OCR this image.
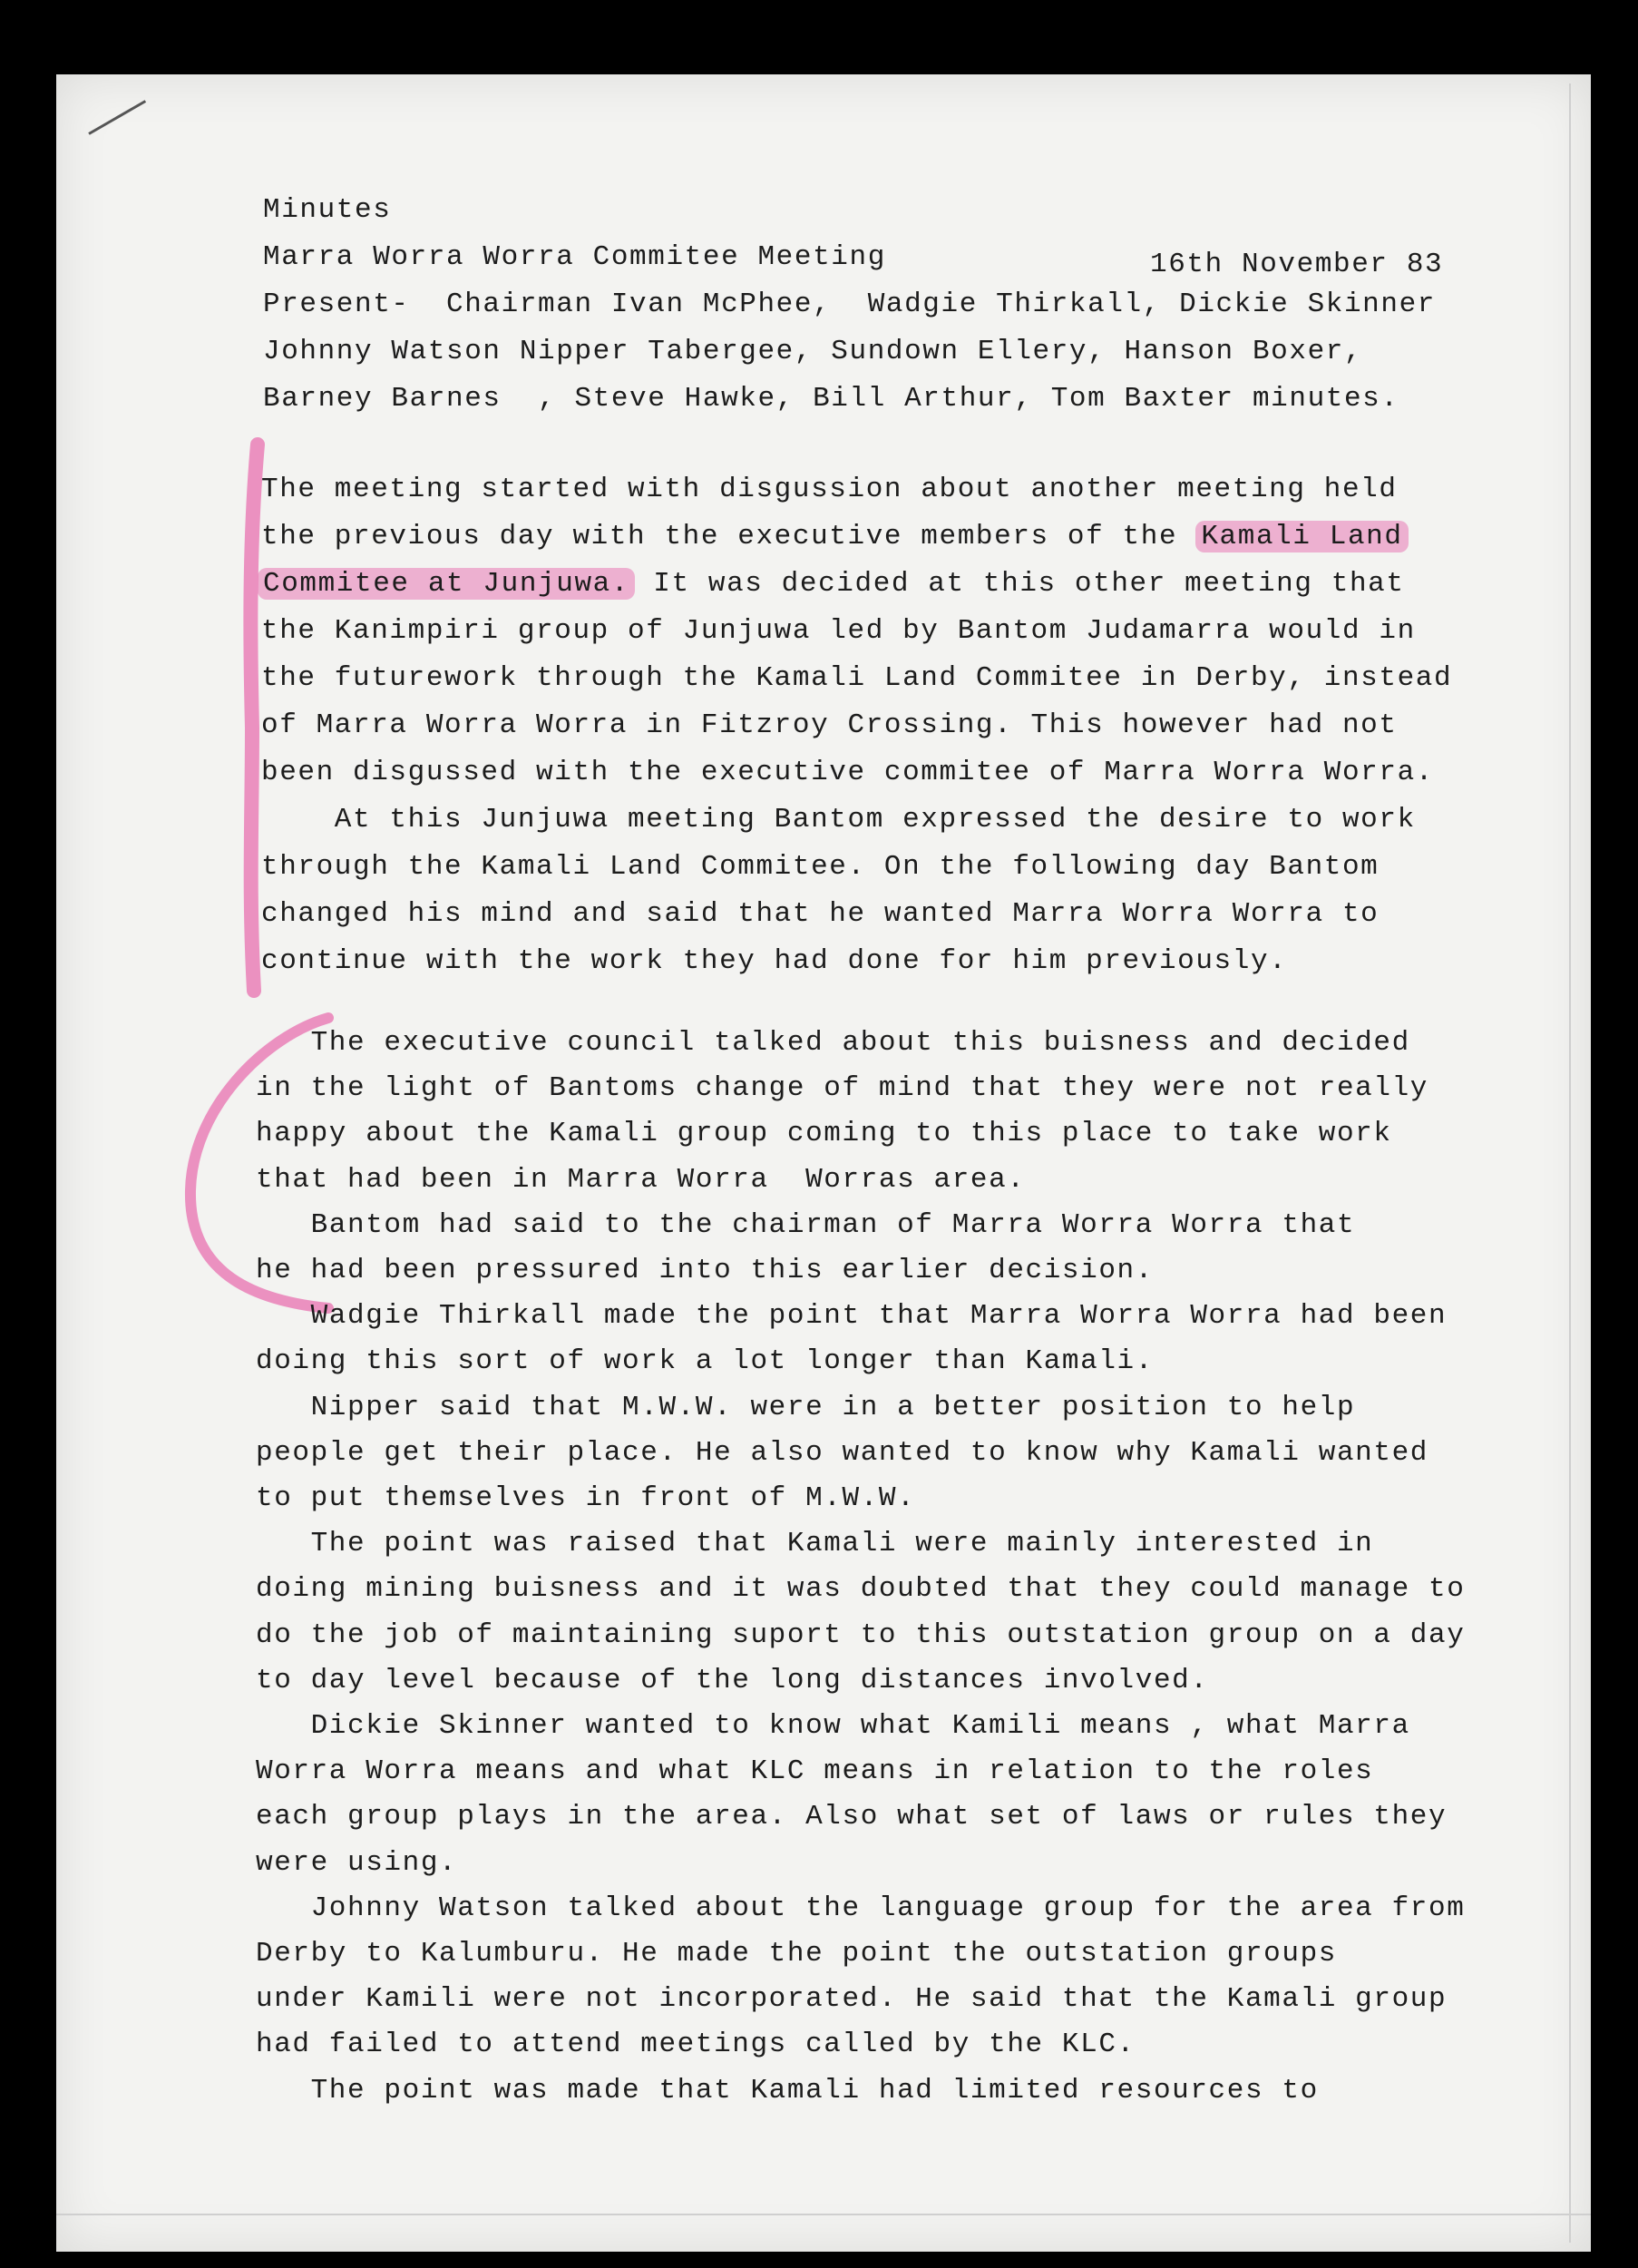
Minutes
Marra Worra Worra Commitee Meeting	16th November 83
Present-  Chairman Ivan McPhee,  Wadgie Thirkall, Dickie Skinner
Johnny Watson Nipper Tabergee, Sundown Ellery, Hanson Boxer,
Barney Barnes  , Steve Hawke, Bill Arthur, Tom Baxter minutes.
The meeting started with disgussion about another meeting held
the previous day with the executive members of the Kamali Land
Commitee at Junjuwa. It was decided at this other meeting that
the Kanimpiri group of Junjuwa led by Bantom Judamarra would in
the futurework through the Kamali Land Commitee in Derby, instead
of Marra Worra Worra in Fitzroy Crossing. This however had not
been disgussed with the executive commitee of Marra Worra Worra.
At this Junjuwa meeting Bantom expressed the desire to work
through the Kamali Land Commitee. On the following day Bantom
changed his mind and said that he wanted Marra Worra Worra to
continue with the work they had done for him previously.
The executive council talked about this buisness and decided
in the light of Bantoms change of mind that they were not really
happy about the Kamali group coming to this place to take work
that had been in Marra Worra  Worras area.
Bantom had said to the chairman of Marra Worra Worra that
he had been pressured into this earlier decision.
Wadgie Thirkall made the point that Marra Worra Worra had been
doing this sort of work a lot longer than Kamali.
Nipper said that M.W.W. were in a better position to help
people get their place. He also wanted to know why Kamali wanted
to put themselves in front of M.W.W.
The point was raised that Kamali were mainly interested in
doing mining buisness and it was doubted that they could manage to
do the job of maintaining suport to this outstation group on a day
to day level because of the long distances involved.
Dickie Skinner wanted to know what Kamili means , what Marra
Worra Worra means and what KLC means in relation to the roles
each group plays in the area. Also what set of laws or rules they
were using.
Johnny Watson talked about the language group for the area from
Derby to Kalumburu. He made the point the outstation groups
under Kamili were not incorporated. He said that the Kamali group
had failed to attend meetings called by the KLC.
The point was made that Kamali had limited resources to
